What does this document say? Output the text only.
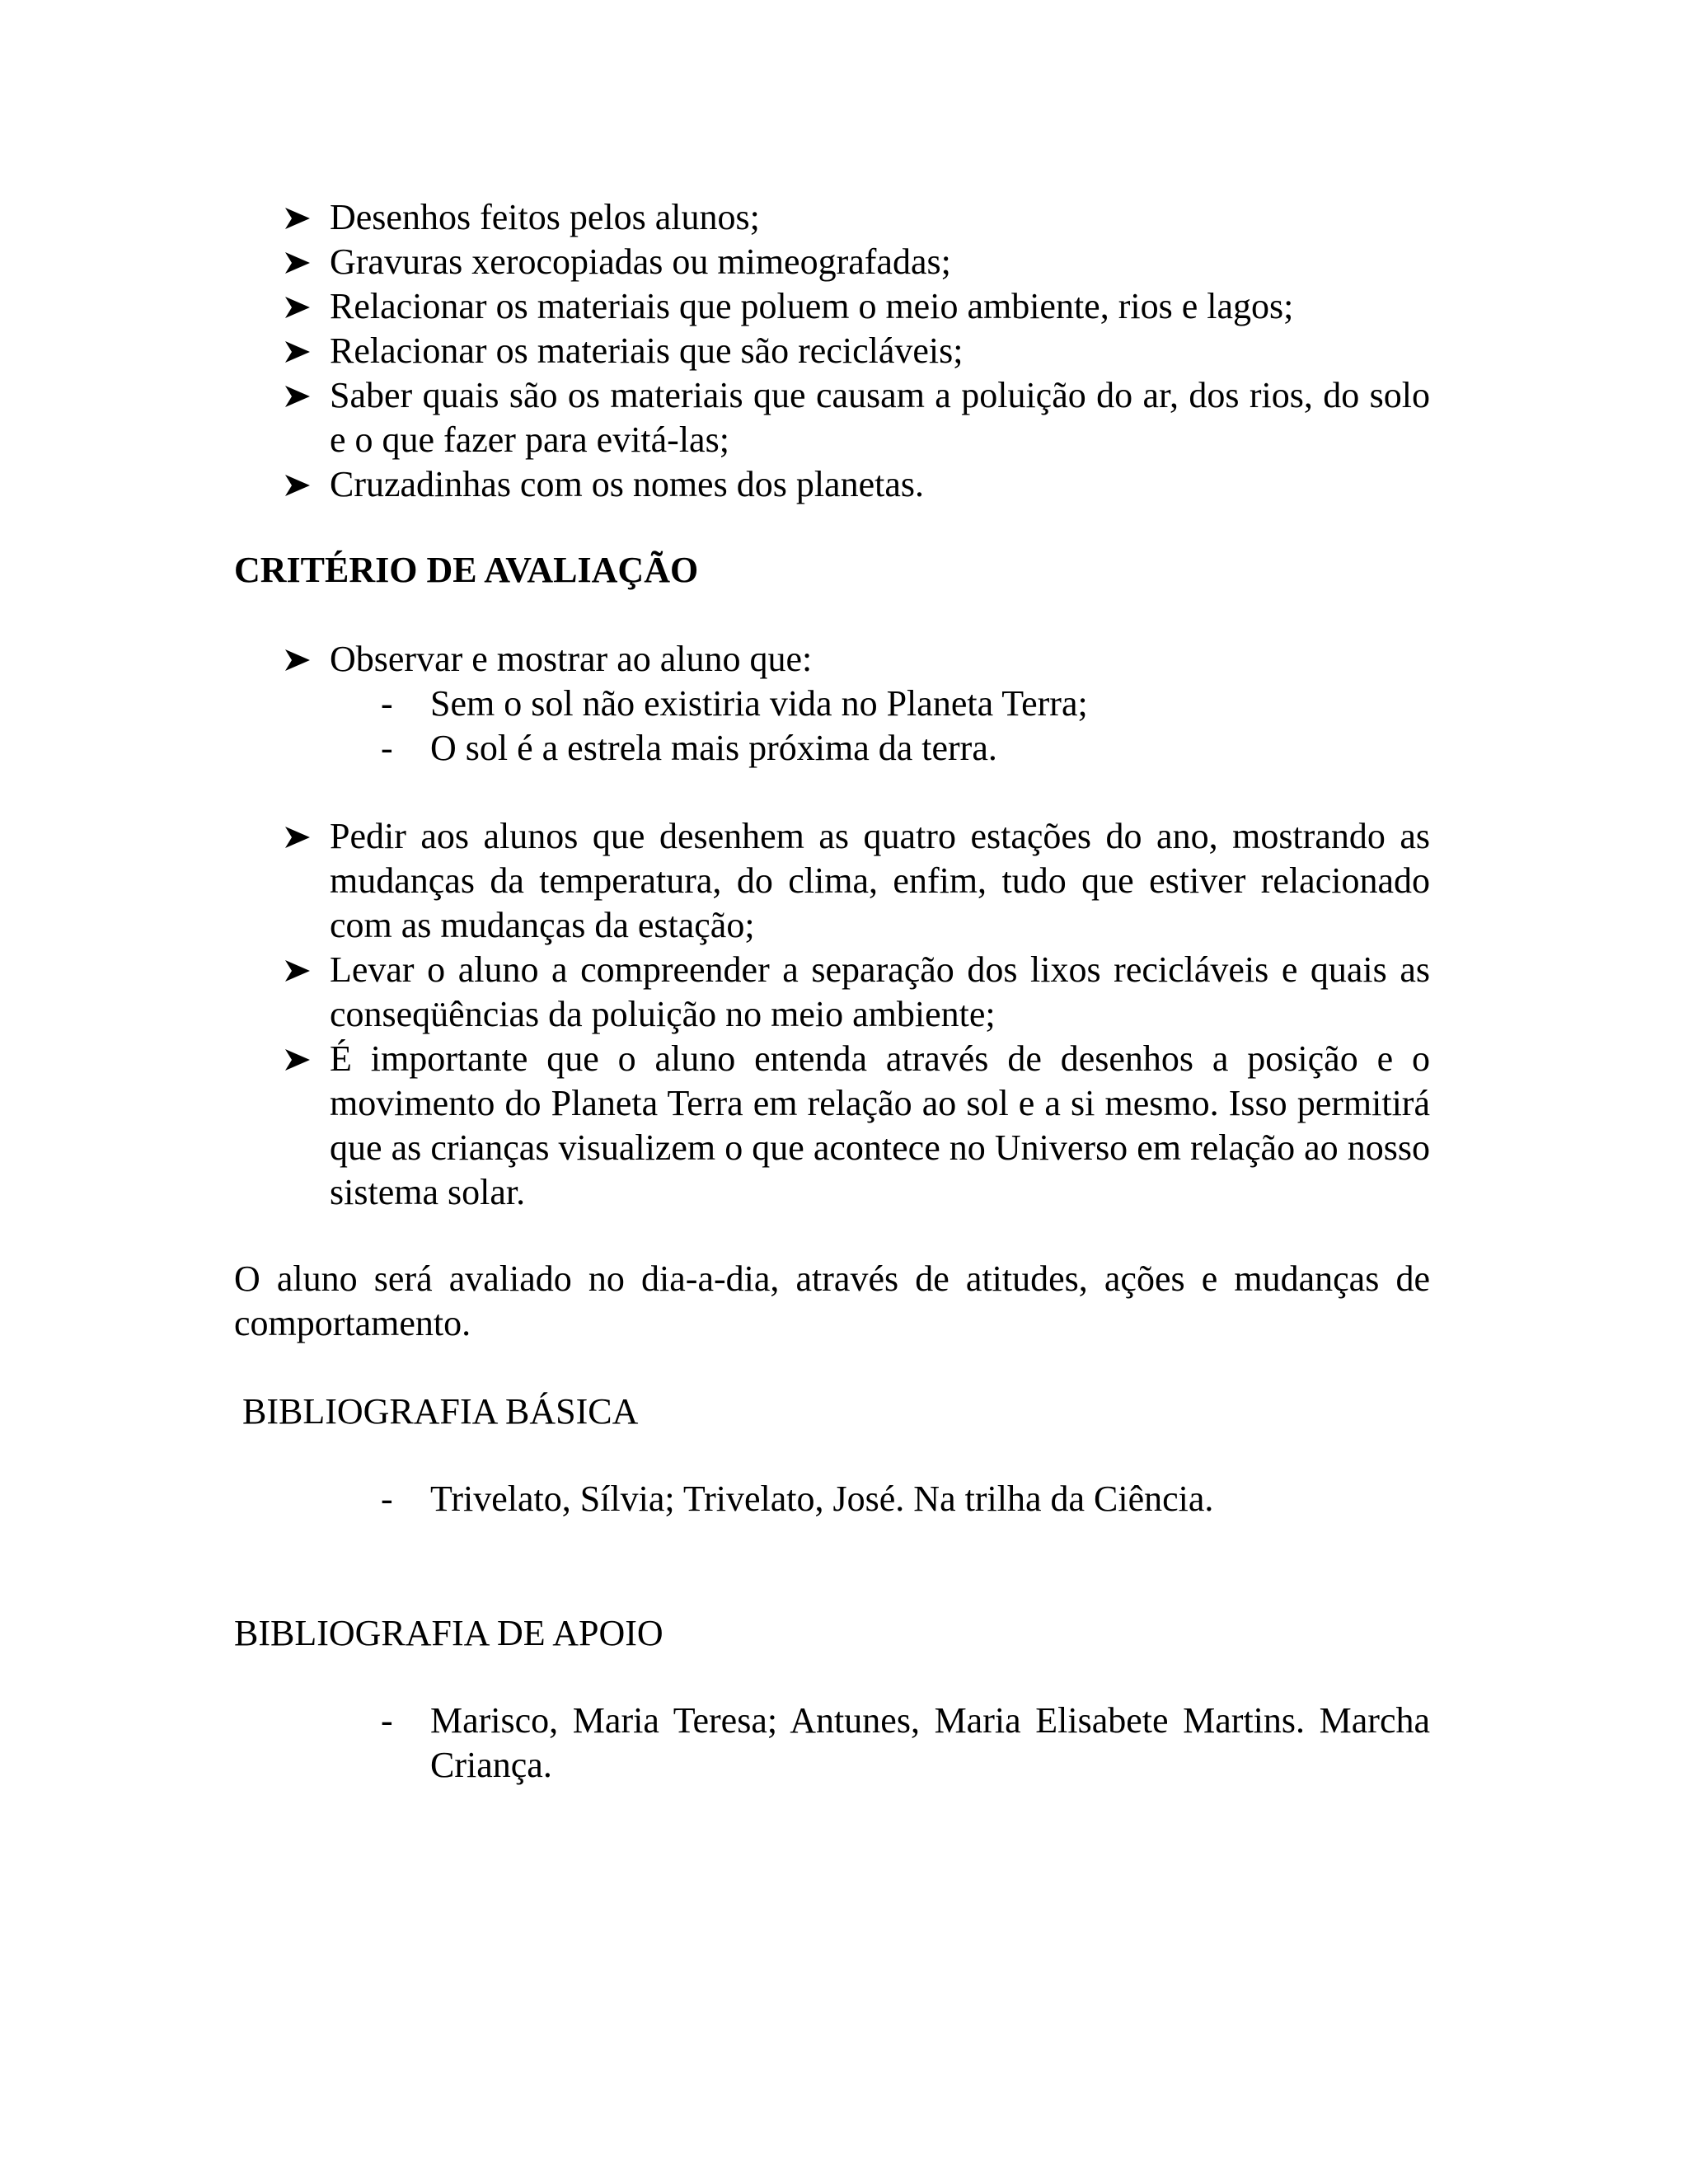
Desenhos feitos pelos alunos;
Gravuras xerocopiadas ou mimeografadas;
Relacionar os materiais que poluem o meio ambiente, rios e lagos;
Relacionar os materiais que são recicláveis;
Saber quais são os materiais que causam a poluição do ar, dos rios, do solo e o que fazer para evitá-las;
Cruzadinhas com os nomes dos planetas.
CRITÉRIO DE AVALIAÇÃO
Observar e mostrar ao aluno que:
- Sem o sol não existiria vida no Planeta Terra;
- O sol é a estrela mais próxima da terra.
Pedir aos alunos que desenhem as quatro estações do ano, mostrando as mudanças da temperatura, do clima, enfim, tudo que estiver relacionado com as mudanças da estação;
Levar o aluno a compreender a separação dos lixos recicláveis e quais as conseqüências da poluição no meio ambiente;
É importante que o aluno entenda através de desenhos a posição e o movimento do Planeta Terra em relação ao sol e a si mesmo. Isso permitirá que as crianças visualizem o que acontece no Universo em relação ao nosso sistema solar.

O aluno será avaliado no dia-a-dia, através de atitudes, ações e mudanças de comportamento.

BIBLIOGRAFIA BÁSICA
- Trivelato, Sílvia; Trivelato, José. Na trilha da Ciência.
BIBLIOGRAFIA DE APOIO
- Marisco, Maria Teresa; Antunes, Maria Elisabete Martins. Marcha Criança.
